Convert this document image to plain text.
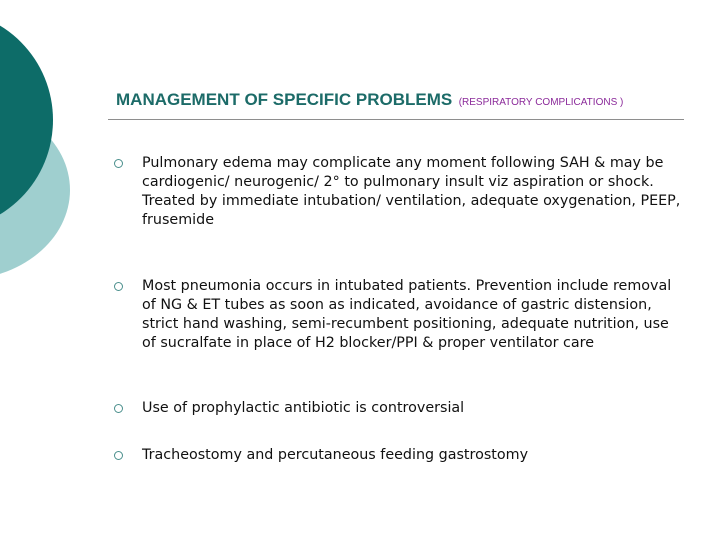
MANAGEMENT OF SPECIFIC PROBLEMS (RESPIRATORY COMPLICATIONS )
Pulmonary edema may complicate any moment following SAH & may be cardiogenic/ neurogenic/ 2° to pulmonary insult viz aspiration or shock. Treated by immediate intubation/ ventilation, adequate oxygenation, PEEP, frusemide
Most pneumonia occurs in intubated patients. Prevention include removal of NG & ET tubes as soon as indicated, avoidance of gastric distension, strict hand washing, semi-recumbent positioning, adequate nutrition, use of sucralfate in place of H2 blocker/PPI & proper ventilator care
Use of prophylactic antibiotic is controversial
Tracheostomy and percutaneous feeding gastrostomy
